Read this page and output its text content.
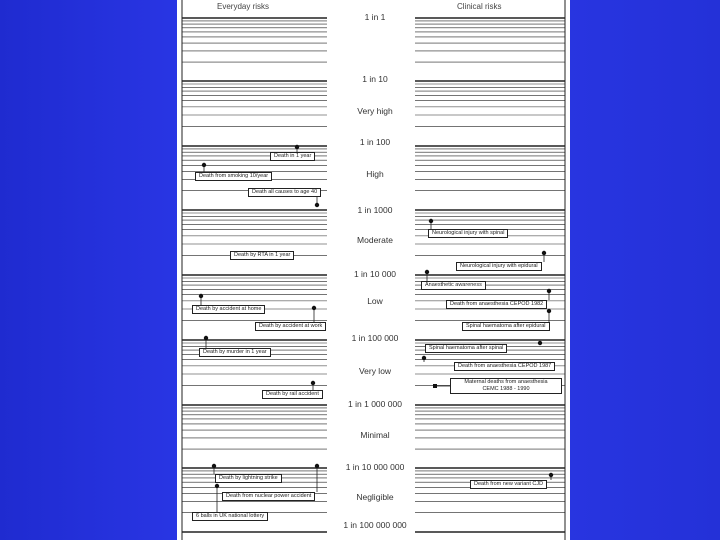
Everyday risks	Clinical risks
1 in 1
1 in 10
Very high
1 in 100
High
1 in 1000
Moderate
1 in 10 000
Low
1 in 100 000
Very low
1 in 1 000 000
Minimal
1 in 10 000 000
Negligible
1 in 100 000 000
Death in 1 year
Death from smoking 10/year
Death all causes to age 40
Death by RTA in 1 year
Death by accident at home
Death by accident at work
Death by murder in 1 year
Death by rail accident
Death by lightning strike
Death from nuclear power accident
6 balls in UK national lottery
Neurological injury with spinal
Neurological injury with epidural
Anaesthetic awareness
Death from anaesthesia CEPOD 1982
Spinal haematoma after epidural
Spinal haematoma after spinal
Death from anaesthesia CEPOD 1987
Maternal deaths from anaesthesia
CEMC 1988 - 1990
Death from new variant CJD
